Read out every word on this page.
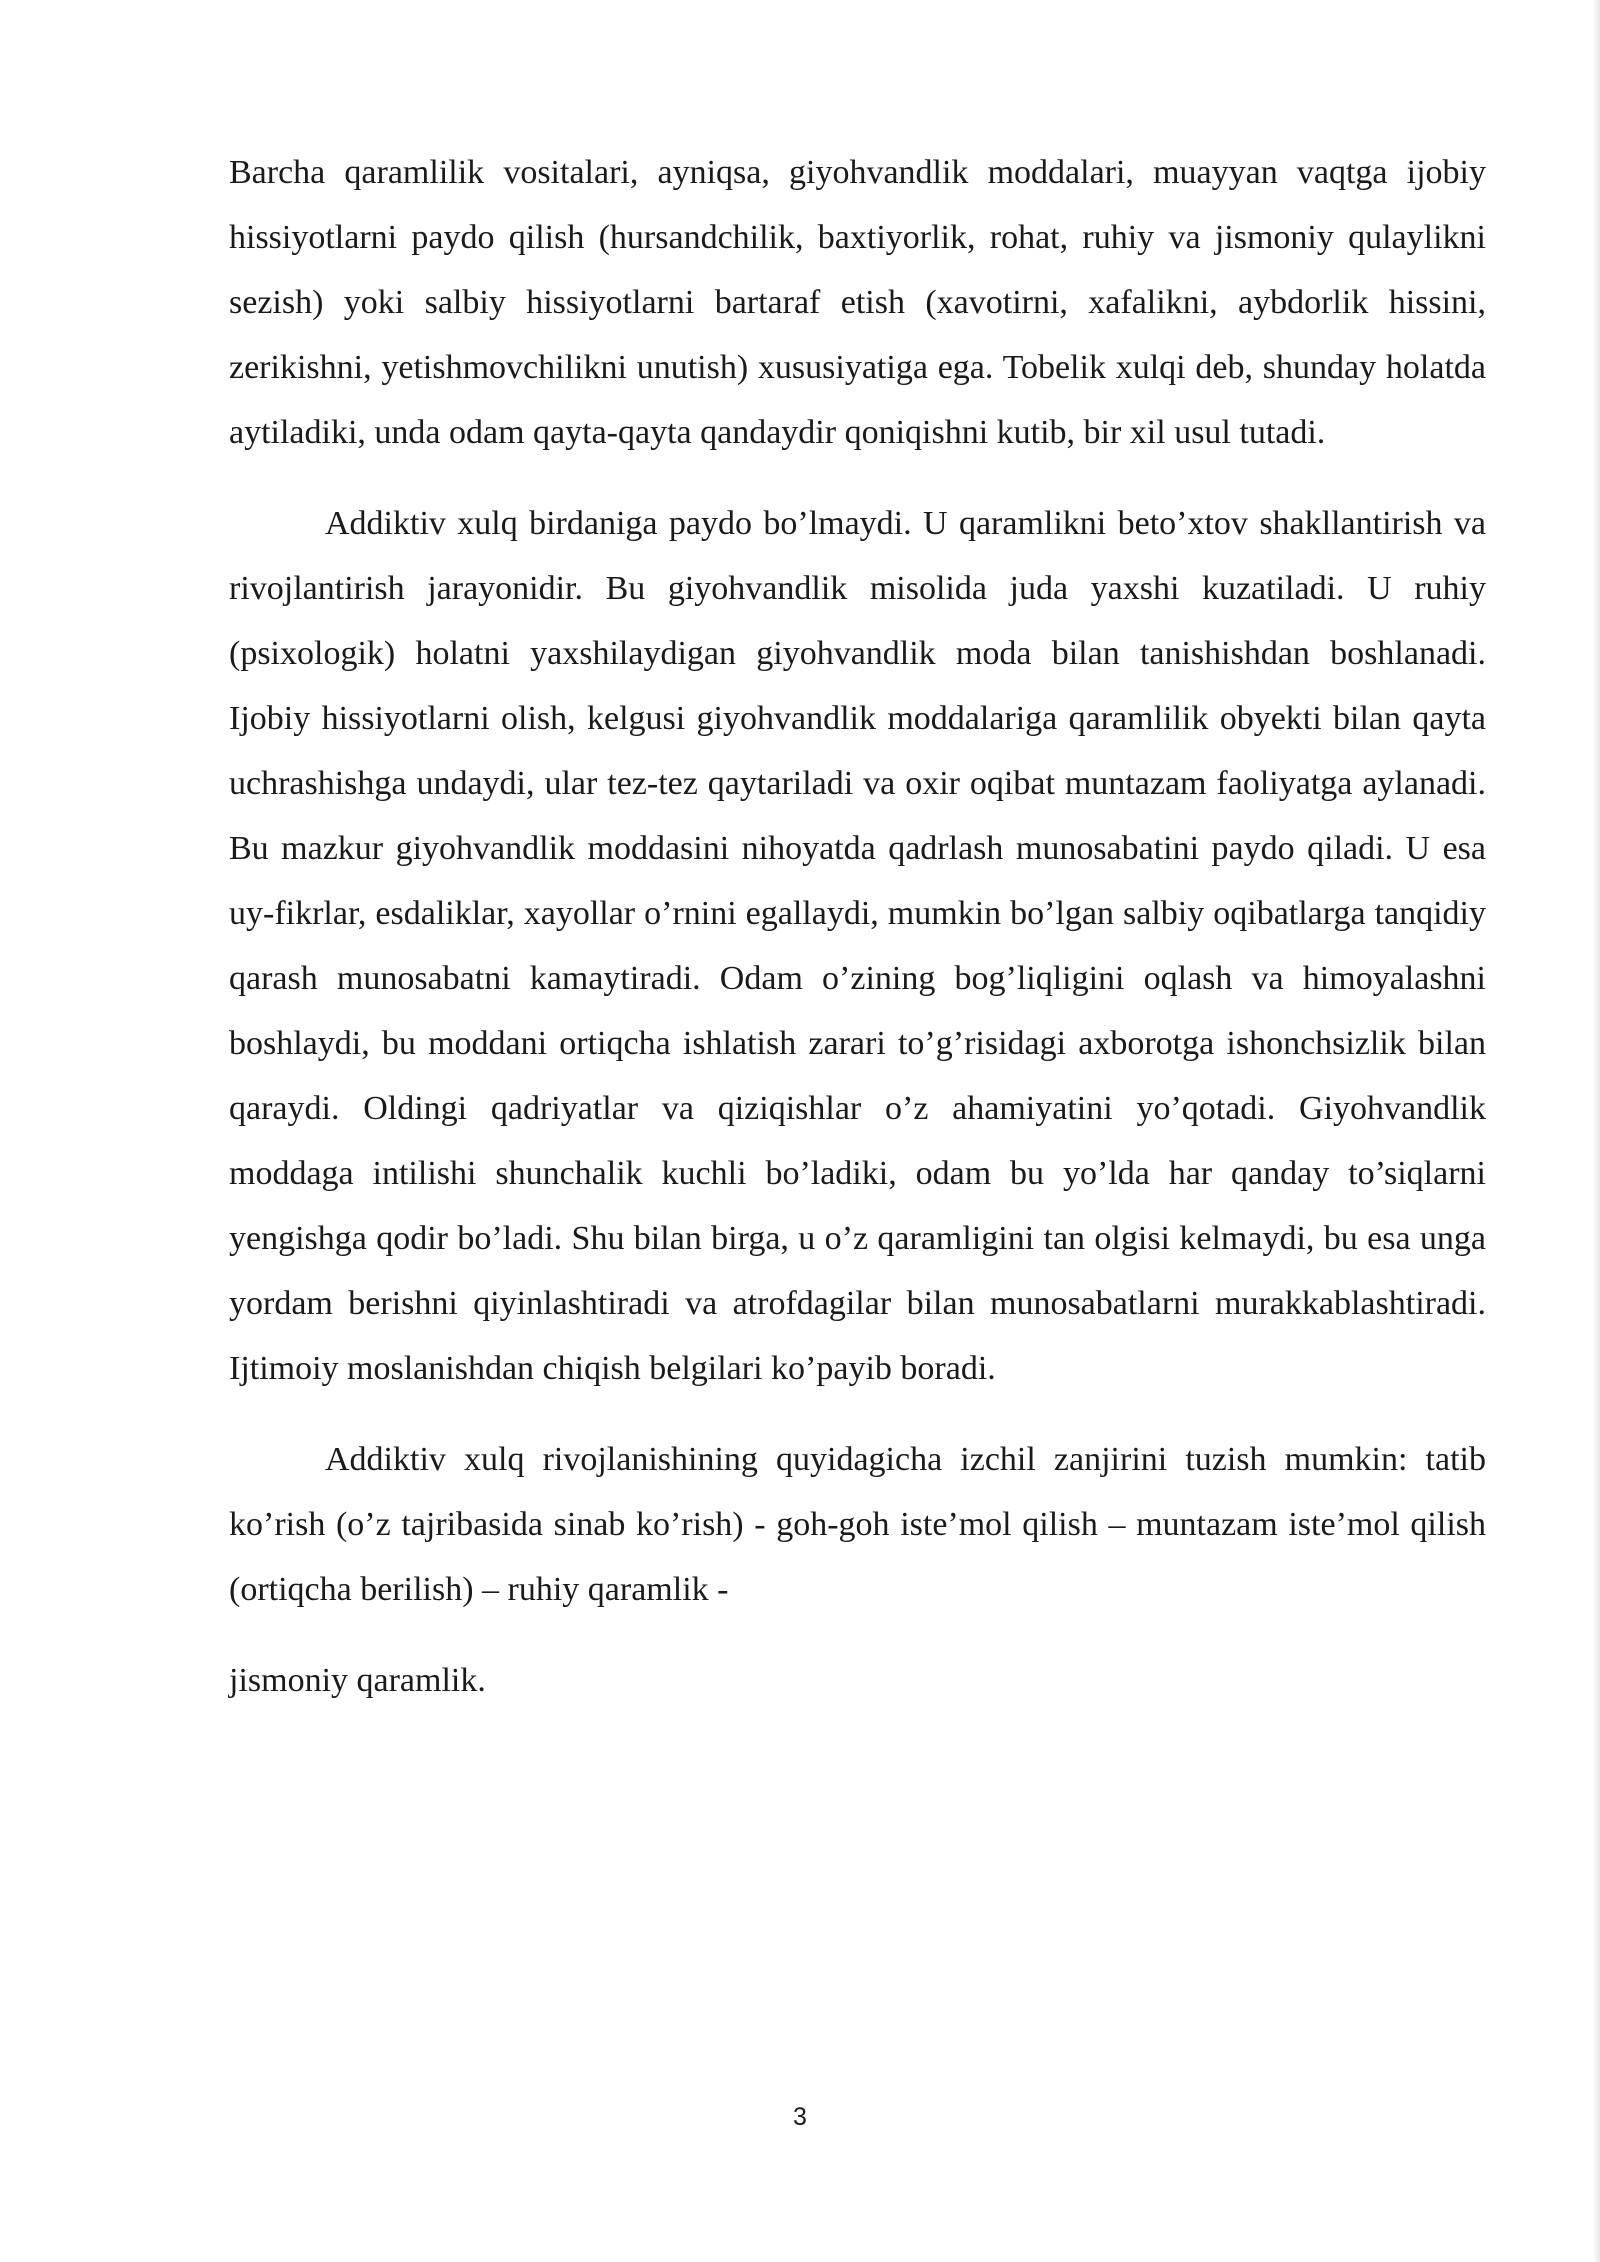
Barcha qaramlilik vositalari, ayniqsa, giyohvandlik moddalari, muayyan vaqtga ijobiy hissiyotlarni paydo qilish (hursandchilik, baxtiyorlik, rohat, ruhiy va jismoniy qulaylikni sezish) yoki salbiy hissiyotlarni bartaraf etish (xavotirni, xafalikni, aybdorlik hissini, zerikishni, yetishmovchilikni unutish) xususiyatiga ega. Tobelik xulqi deb, shunday holatda aytiladiki, unda odam qayta-qayta qandaydir qoniqishni kutib, bir xil usul tutadi.

Addiktiv xulq birdaniga paydo bo’lmaydi. U qaramlikni beto’xtov shakllantirish va rivojlantirish jarayonidir. Bu giyohvandlik misolida juda yaxshi kuzatiladi. U ruhiy (psixologik) holatni yaxshilaydigan giyohvandlik moda bilan tanishishdan boshlanadi. Ijobiy hissiyotlarni olish, kelgusi giyohvandlik moddalariga qaramlilik obyekti bilan qayta uchrashishga undaydi, ular tez-tez qaytariladi va oxir oqibat muntazam faoliyatga aylanadi. Bu mazkur giyohvandlik moddasini nihoyatda qadrlash munosabatini paydo qiladi. U esa uy-fikrlar, esdaliklar, xayollar o’rnini egallaydi, mumkin bo’lgan salbiy oqibatlarga tanqidiy qarash munosabatni kamaytiradi. Odam o’zining bog’liqligini oqlash va himoyalashni boshlaydi, bu moddani ortiqcha ishlatish zarari to’g’risidagi axborotga ishonchsizlik bilan qaraydi. Oldingi qadriyatlar va qiziqishlar o’z ahamiyatini yo’qotadi. Giyohvandlik moddaga intilishi shunchalik kuchli bo’ladiki, odam bu yo’lda har qanday to’siqlarni yengishga qodir bo’ladi. Shu bilan birga, u o’z qaramligini tan olgisi kelmaydi, bu esa unga yordam berishni qiyinlashtiradi va atrofdagilar bilan munosabatlarni murakkablashtiradi. Ijtimoiy moslanishdan chiqish belgilari ko’payib boradi.

Addiktiv xulq rivojlanishining quyidagicha izchil zanjirini tuzish mumkin: tatib ko’rish (o’z tajribasida sinab ko’rish) - goh-goh iste’mol qilish – muntazam iste’mol qilish (ortiqcha berilish) – ruhiy qaramlik -

jismoniy qaramlik.

3
